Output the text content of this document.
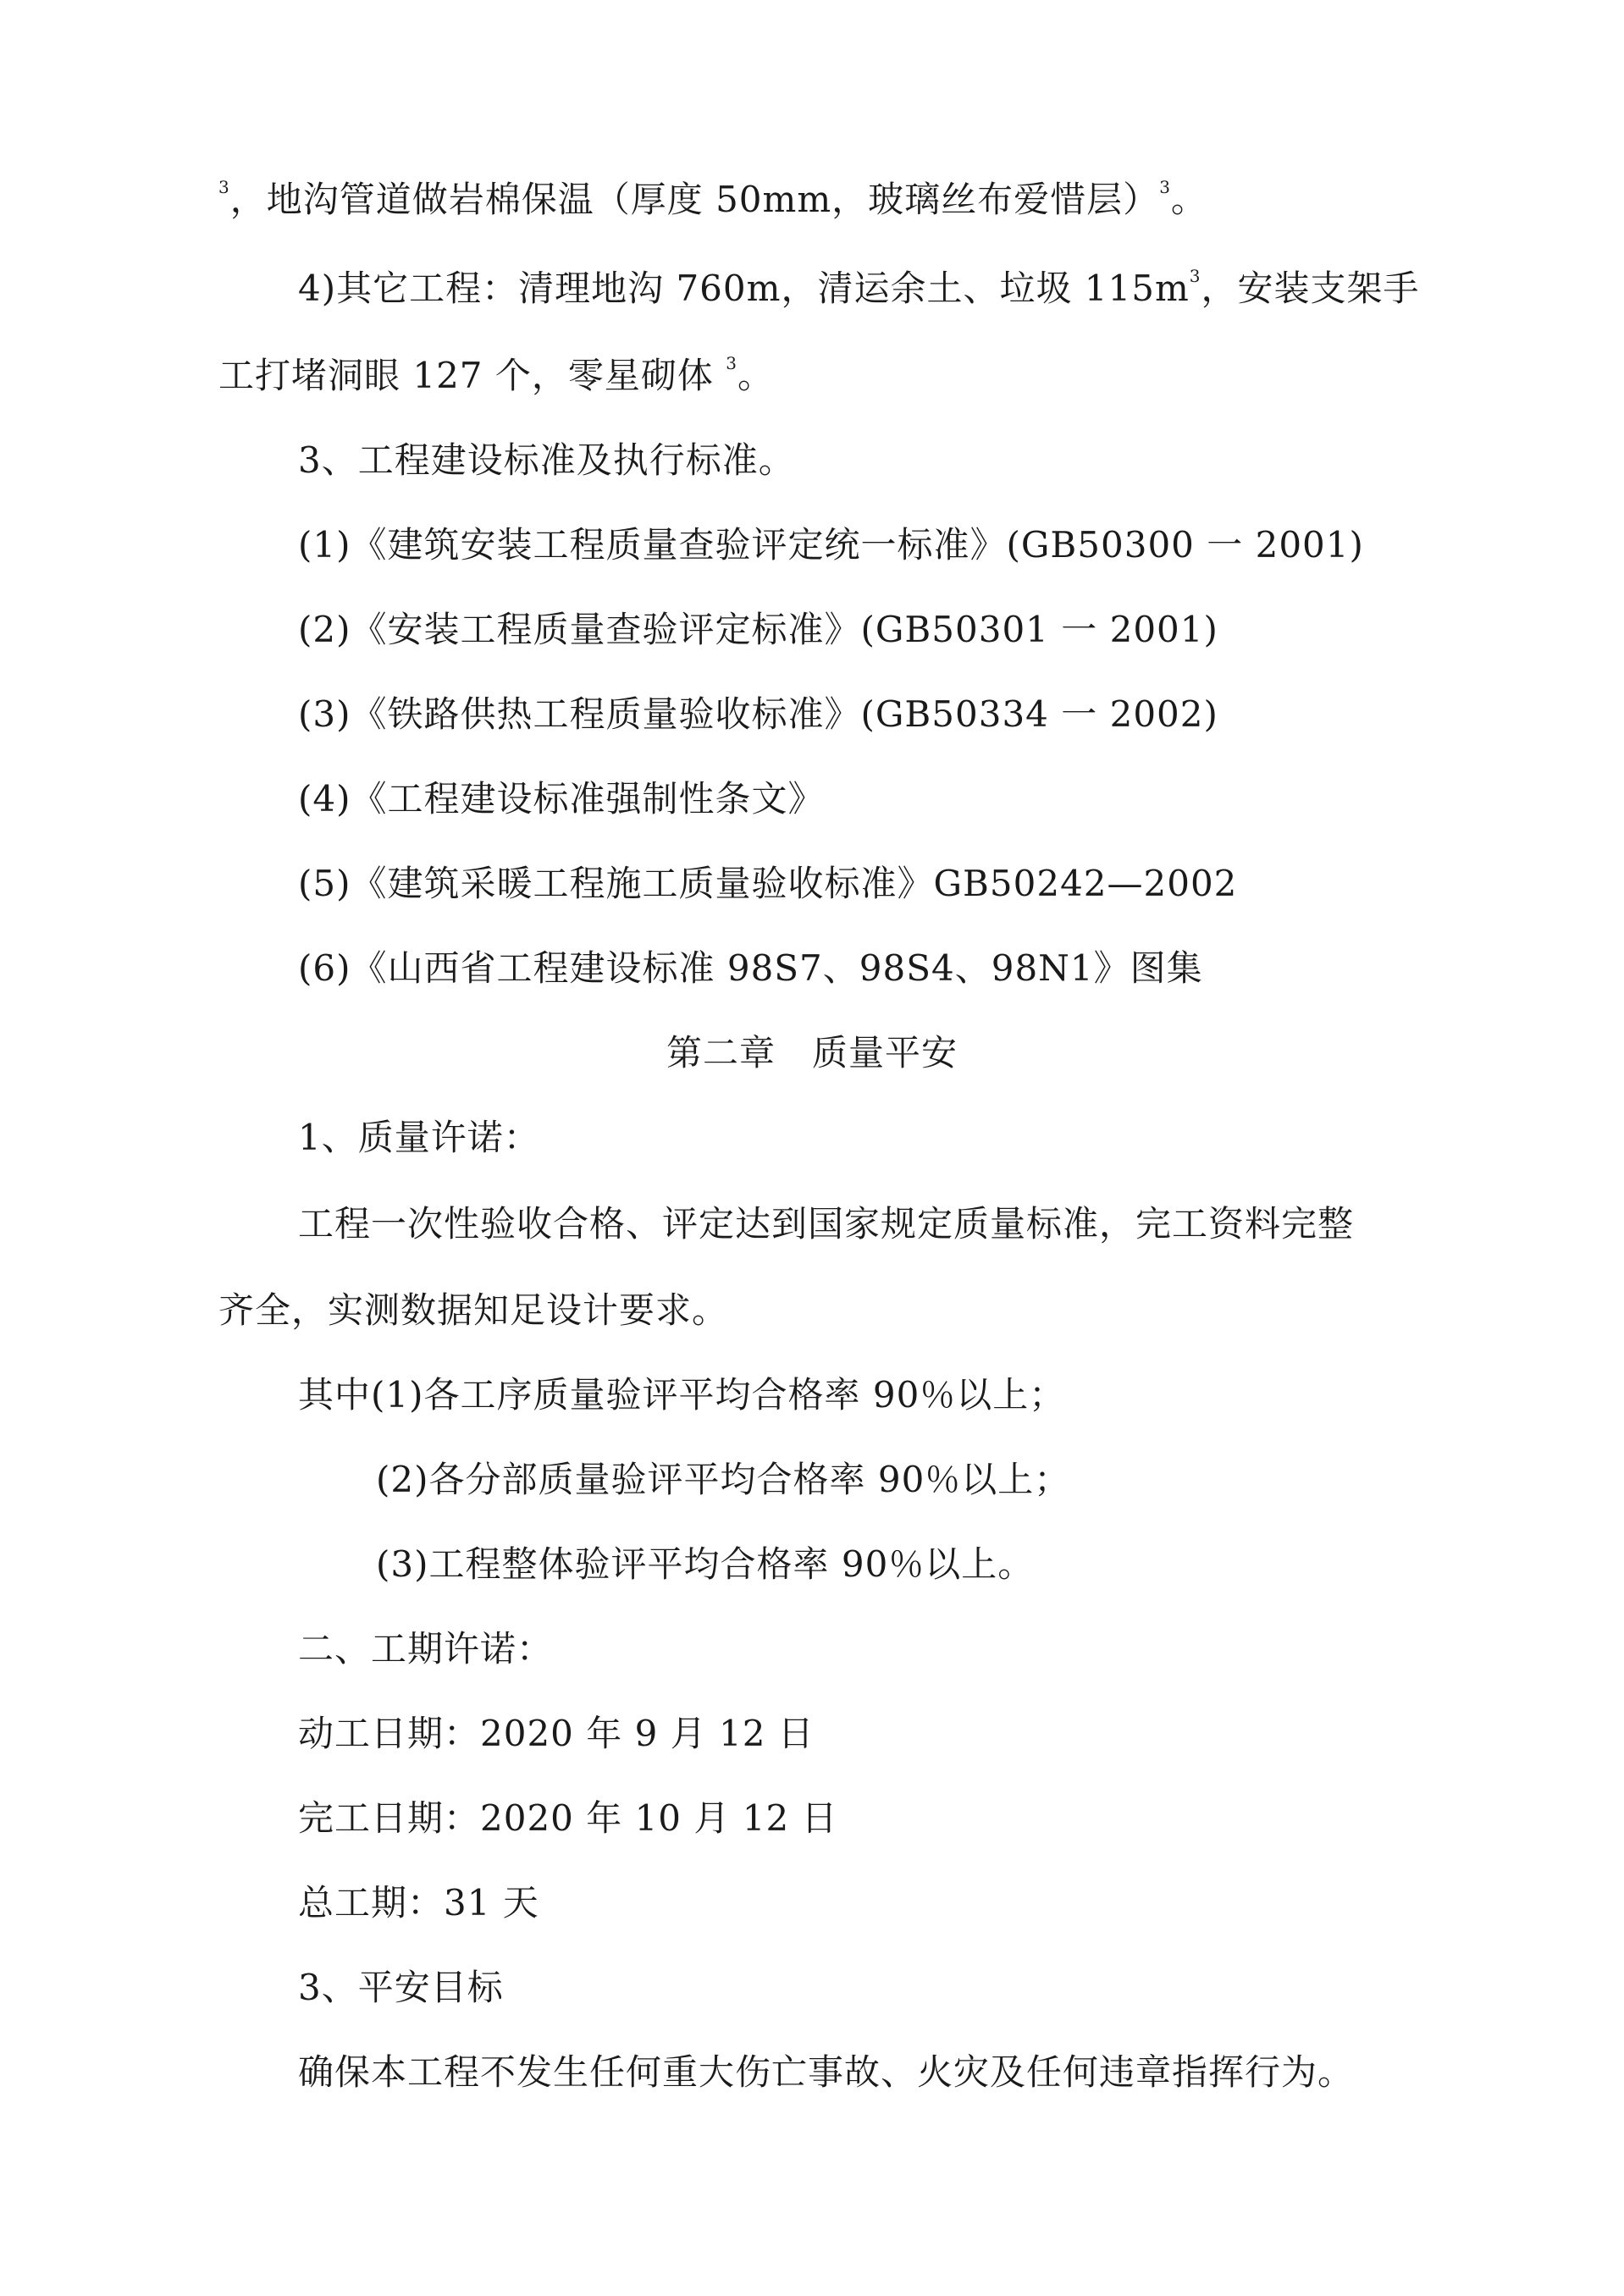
$^3$，地沟管道做岩棉保温（厚度 50mm，玻璃丝布爱惜层）$^3$。
4)其它工程：清理地沟 760m，清运余土、垃圾 $115m^3$，安装支架手
工打堵洞眼 127 个，零星砌体 $^3$。
3、工程建设标准及执行标准。
(1)《建筑安装工程质量查验评定统一标准》(GB50300 一 2001)
(2)《安装工程质量查验评定标准》(GB50301 一 2001)
(3)《铁路供热工程质量验收标准》(GB50334 一 2002)
(4)《工程建设标准强制性条文》
(5)《建筑采暖工程施工质量验收标准》GB50242—2002
(6)《山西省工程建设标准 98S7、98S4、98N1》图集
第二章　质量平安
1、质量许诺：
工程一次性验收合格、评定达到国家规定质量标准，完工资料完整
齐全，实测数据知足设计要求。
其中(1)各工序质量验评平均合格率 90％以上；
(2)各分部质量验评平均合格率 90％以上；
(3)工程整体验评平均合格率 90％以上。
二、工期许诺：
动工日期：2020 年 9 月 12 日
完工日期：2020 年 10 月 12 日
总工期：31 天
3、平安目标
确保本工程不发生任何重大伤亡事故、火灾及任何违章指挥行为。
